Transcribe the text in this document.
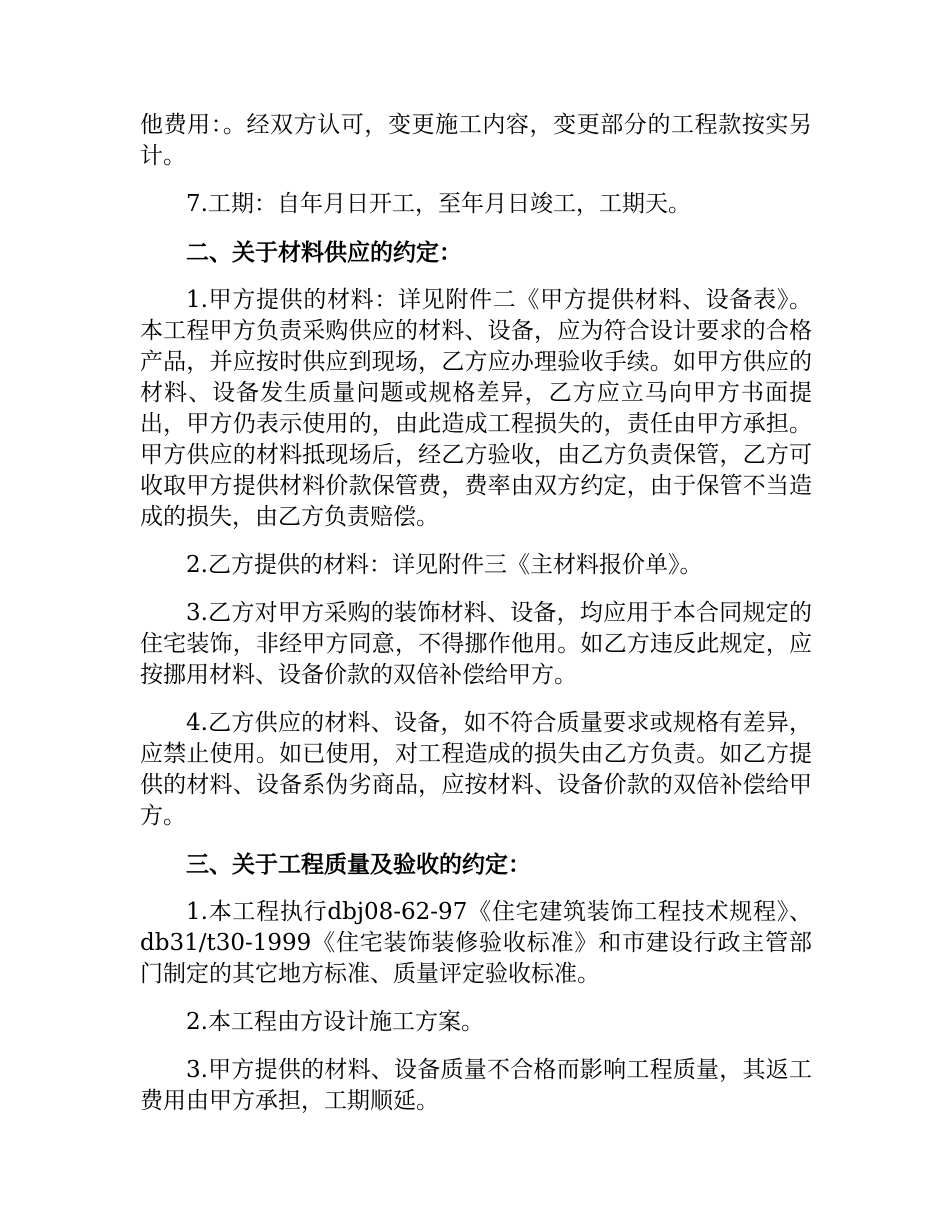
他费用：。经双方认可，变更施工内容，变更部分的工程款按实另计。

7.工期：自年月日开工，至年月日竣工，工期天。

二、关于材料供应的约定：

1.甲方提供的材料：详见附件二《甲方提供材料、设备表》。本工程甲方负责采购供应的材料、设备，应为符合设计要求的合格产品，并应按时供应到现场，乙方应办理验收手续。如甲方供应的材料、设备发生质量问题或规格差异，乙方应立马向甲方书面提出，甲方仍表示使用的，由此造成工程损失的，责任由甲方承担。甲方供应的材料抵现场后，经乙方验收，由乙方负责保管，乙方可收取甲方提供材料价款保管费，费率由双方约定，由于保管不当造成的损失，由乙方负责赔偿。

2.乙方提供的材料：详见附件三《主材料报价单》。

3.乙方对甲方采购的装饰材料、设备，均应用于本合同规定的住宅装饰，非经甲方同意，不得挪作他用。如乙方违反此规定，应按挪用材料、设备价款的双倍补偿给甲方。

4.乙方供应的材料、设备，如不符合质量要求或规格有差异，应禁止使用。如已使用，对工程造成的损失由乙方负责。如乙方提供的材料、设备系伪劣商品，应按材料、设备价款的双倍补偿给甲方。

三、关于工程质量及验收的约定：

1.本工程执行dbj08-62-97《住宅建筑装饰工程技术规程》、db31/t30-1999《住宅装饰装修验收标准》和市建设行政主管部门制定的其它地方标准、质量评定验收标准。

2.本工程由方设计施工方案。

3.甲方提供的材料、设备质量不合格而影响工程质量，其返工费用由甲方承担，工期顺延。
